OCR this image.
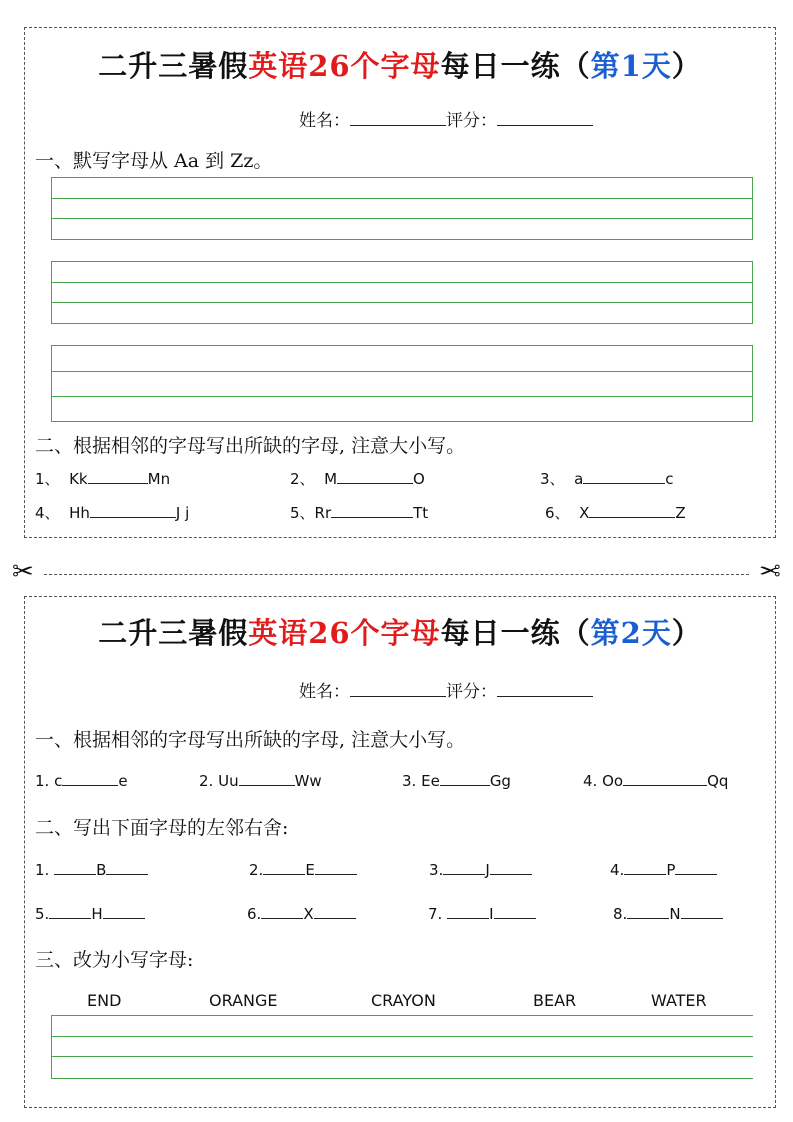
二升三暑假英语26个字母每日一练（第1天）
姓名：	评分：
一、默写字母从 Aa 到 Zz。
二、根据相邻的字母写出所缺的字母, 注意大小写。
1、 Kk	Mn	2、 M	O	3、 a	c
4、 Hh	J j	5、Rr	Tt	6、 X	Z
✂	✂
二升三暑假英语26个字母每日一练（第2天）
姓名：	评分：
一、根据相邻的字母写出所缺的字母, 注意大小写。
1. c	e	2. Uu	Ww	3. Ee	Gg	4. Oo	Qq
二、写出下面字母的左邻右舍:
1.	B	2.	E	3.	J	4.	P
5.	H	6.	X	7.	I	8.	N
三、改为小写字母:
END	ORANGE	CRAYON	BEAR	WATER
